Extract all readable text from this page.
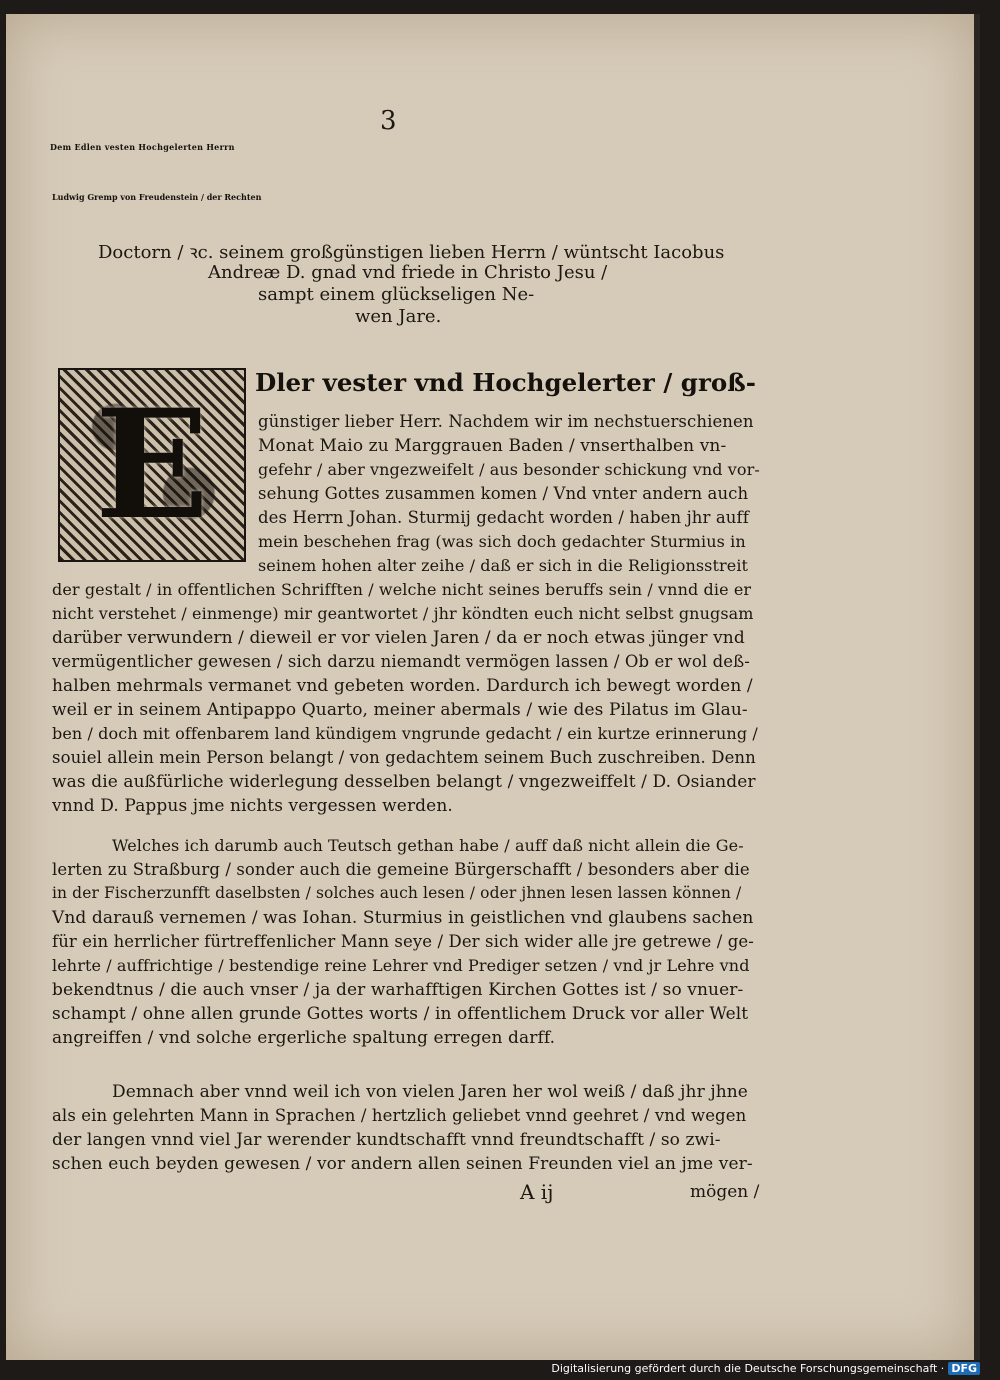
3
Dem Edlen vesten Hochgelerten Herrn
Ludwig Gremp von Freudenstein / der Rechten
Doctorn / ꝛc. seinem großgünstigen lieben Herrn / wüntscht Iacobus
Andreæ D. gnad vnd friede in Christo Jesu /
sampt einem glückseligen Ne-
wen Jare.
E	Dler vester vnd Hochgelerter / groß-
günstiger lieber Herr. Nachdem wir im nechstuerschienen
Monat Maio zu Marggrauen Baden / vnserthalben vn-
gefehr / aber vngezweifelt / aus besonder schickung vnd vor-
sehung Gottes zusammen komen / Vnd vnter andern auch
des Herrn Johan. Sturmij gedacht worden / haben jhr auff
mein beschehen frag (was sich doch gedachter Sturmius in
seinem hohen alter zeihe / daß er sich in die Religionsstreit
der gestalt / in offentlichen Schrifften / welche nicht seines beruffs sein / vnnd die er
nicht verstehet / einmenge) mir geantwortet / jhr köndten euch nicht selbst gnugsam
darüber verwundern / dieweil er vor vielen Jaren / da er noch etwas jünger vnd
vermügentlicher gewesen / sich darzu niemandt vermögen lassen / Ob er wol deß-
halben mehrmals vermanet vnd gebeten worden. Dardurch ich bewegt worden /
weil er in seinem Antipappo Quarto, meiner abermals / wie des Pilatus im Glau-
ben / doch mit offenbarem land kündigem vngrunde gedacht / ein kurtze erinnerung /
souiel allein mein Person belangt / von gedachtem seinem Buch zuschreiben. Denn
was die außfürliche widerlegung desselben belangt / vngezweiffelt / D. Osiander
vnnd D. Pappus jme nichts vergessen werden.
Welches ich darumb auch Teutsch gethan habe / auff daß nicht allein die Ge-
lerten zu Straßburg / sonder auch die gemeine Bürgerschafft / besonders aber die
in der Fischerzunfft daselbsten / solches auch lesen / oder jhnen lesen lassen können /
Vnd darauß vernemen / was Iohan. Sturmius in geistlichen vnd glaubens sachen
für ein herrlicher fürtreffenlicher Mann seye / Der sich wider alle jre getrewe / ge-
lehrte / auffrichtige / bestendige reine Lehrer vnd Prediger setzen / vnd jr Lehre vnd
bekendtnus / die auch vnser / ja der warhafftigen Kirchen Gottes ist / so vnuer-
schampt / ohne allen grunde Gottes worts / in offentlichem Druck vor aller Welt
angreiffen / vnd solche ergerliche spaltung erregen darff.
Demnach aber vnnd weil ich von vielen Jaren her wol weiß / daß jhr jhne
als ein gelehrten Mann in Sprachen / hertzlich geliebet vnnd geehret / vnd wegen
der langen vnnd viel Jar werender kundtschafft vnnd freundtschafft / so zwi-
schen euch beyden gewesen / vor andern allen seinen Freunden viel an jme ver-
A ij	mögen /
Digitalisierung gefördert durch die Deutsche Forschungsgemeinschaft · DFG
